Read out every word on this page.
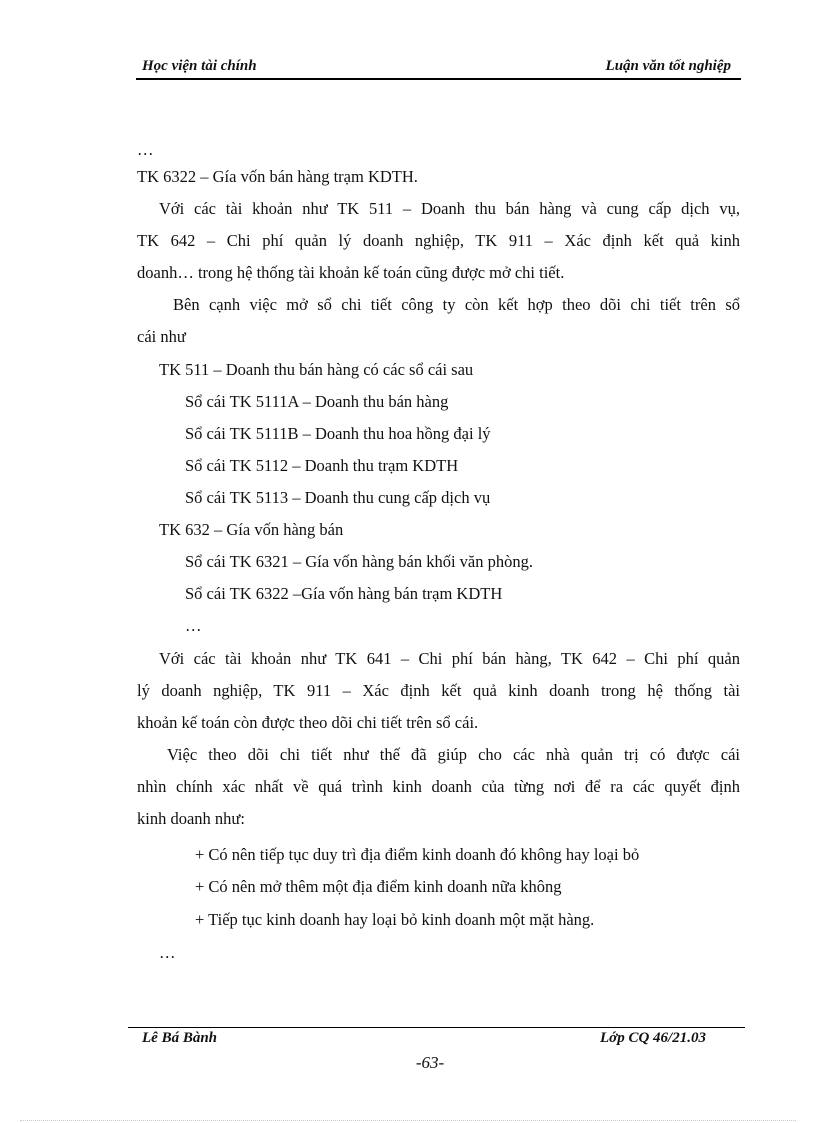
Học viện tài chính	Luận văn tốt nghiệp
…
TK 6322 – Gía vốn bán hàng trạm KDTH.
Với các tài khoản như TK 511 – Doanh thu bán hàng và cung cấp dịch vụ,
TK 642 – Chi phí quản lý doanh nghiệp, TK 911 – Xác định kết quả kinh
doanh… trong hệ thống tài khoản kế toán cũng được mở chi tiết.
Bên cạnh việc mở sổ chi tiết công ty còn kết hợp theo dõi chi tiết trên sổ
cái như
TK 511 – Doanh thu bán hàng có các sổ cái sau
Sổ cái TK 5111A – Doanh thu bán hàng
Sổ cái TK 5111B – Doanh thu hoa hồng đại lý
Sổ cái TK 5112 – Doanh thu trạm KDTH
Sổ cái TK 5113 – Doanh thu cung cấp dịch vụ
TK 632 – Gía vốn hàng bán
Sổ cái TK 6321 – Gía vốn hàng bán khối văn phòng.
Sổ cái TK 6322 –Gía vốn hàng bán trạm KDTH
…
Với các tài khoản như TK 641 – Chi phí bán hàng, TK 642 – Chi phí quản
lý doanh nghiệp, TK 911 – Xác định kết quả kinh doanh trong hệ thống tài
khoản kế toán còn được theo dõi chi tiết trên sổ cái.
Việc theo dõi chi tiết như thế đã giúp cho các nhà quản trị có được cái
nhìn chính xác nhất về quá trình kinh doanh của từng nơi để ra các quyết định
kinh doanh như:
+ Có nên tiếp tục duy trì địa điểm kinh doanh đó không hay loại bỏ
+ Có nên mở thêm một địa điểm kinh doanh nữa không
+ Tiếp tục kinh doanh hay loại bỏ kinh doanh một mặt hàng.
…
Lê Bá Bành	Lớp CQ 46/21.03
-63-
